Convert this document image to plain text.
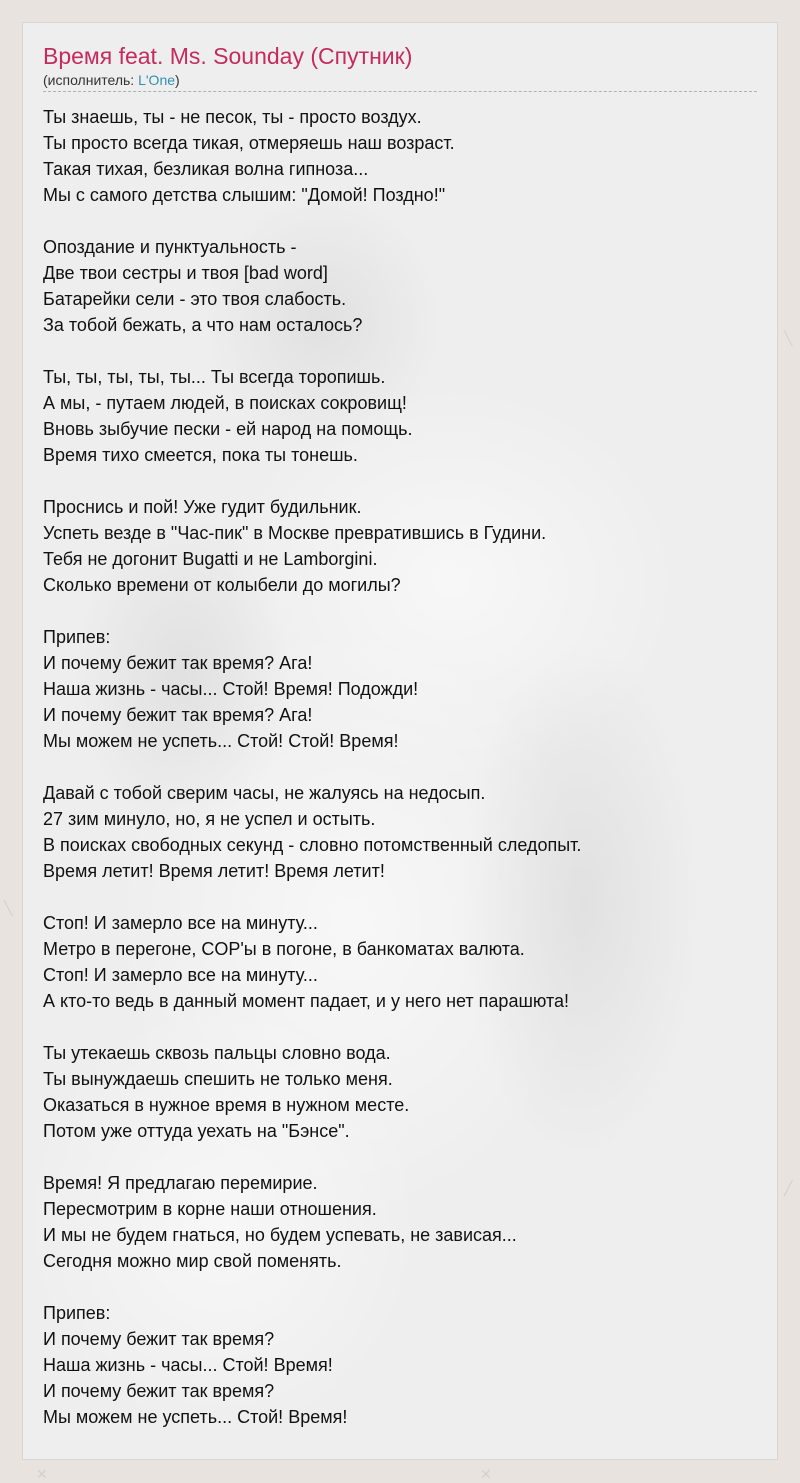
✕	✕
╲
╱
╲
Время feat. Ms. Sounday (Спутник)

(исполнитель: L'One)

Ты знаешь, ты - не песок, ты - просто воздух.
Ты просто всегда тикая, отмеряешь наш возраст.
Такая тихая, безликая волна гипноза...
Мы с самого детства слышим: "Домой! Поздно!"
Опоздание и пунктуальность -
Две твои сестры и твоя [bad word]
Батарейки сели - это твоя слабость.
За тобой бежать, а что нам осталось?
Ты, ты, ты, ты, ты... Ты всегда торопишь.
А мы, - путаем людей, в поисках сокровищ!
Вновь зыбучие пески - ей народ на помощь.
Время тихо смеется, пока ты тонешь.
Проснись и пой! Уже гудит будильник.
Успеть везде в "Час-пик" в Москве превратившись в Гудини.
Тебя не догонит Bugatti и не Lamborgini.
Сколько времени от колыбели до могилы?
Припев:
И почему бежит так время? Ага!
Наша жизнь - часы... Стой! Время! Подожди!
И почему бежит так время? Ага!
Мы можем не успеть... Стой! Стой! Время!
Давай с тобой сверим часы, не жалуясь на недосып.
27 зим минуло, но, я не успел и остыть.
В поисках свободных секунд - словно потомственный следопыт.
Время летит! Время летит! Время летит!
Стоп! И замерло все на минуту...
Метро в перегоне, COP'ы в погоне, в банкоматах валюта.
Стоп! И замерло все на минуту...
А кто-то ведь в данный момент падает, и у него нет парашюта!
Ты утекаешь сквозь пальцы словно вода.
Ты вынуждаешь спешить не только меня.
Оказаться в нужное время в нужном месте.
Потом уже оттуда уехать на "Бэнсе".
Время! Я предлагаю перемирие.
Пересмотрим в корне наши отношения.
И мы не будем гнаться, но будем успевать, не зависая...
Сегодня можно мир свой поменять.
Припев:
И почему бежит так время?
Наша жизнь - часы... Стой! Время!
И почему бежит так время?
Мы можем не успеть... Стой! Время!
